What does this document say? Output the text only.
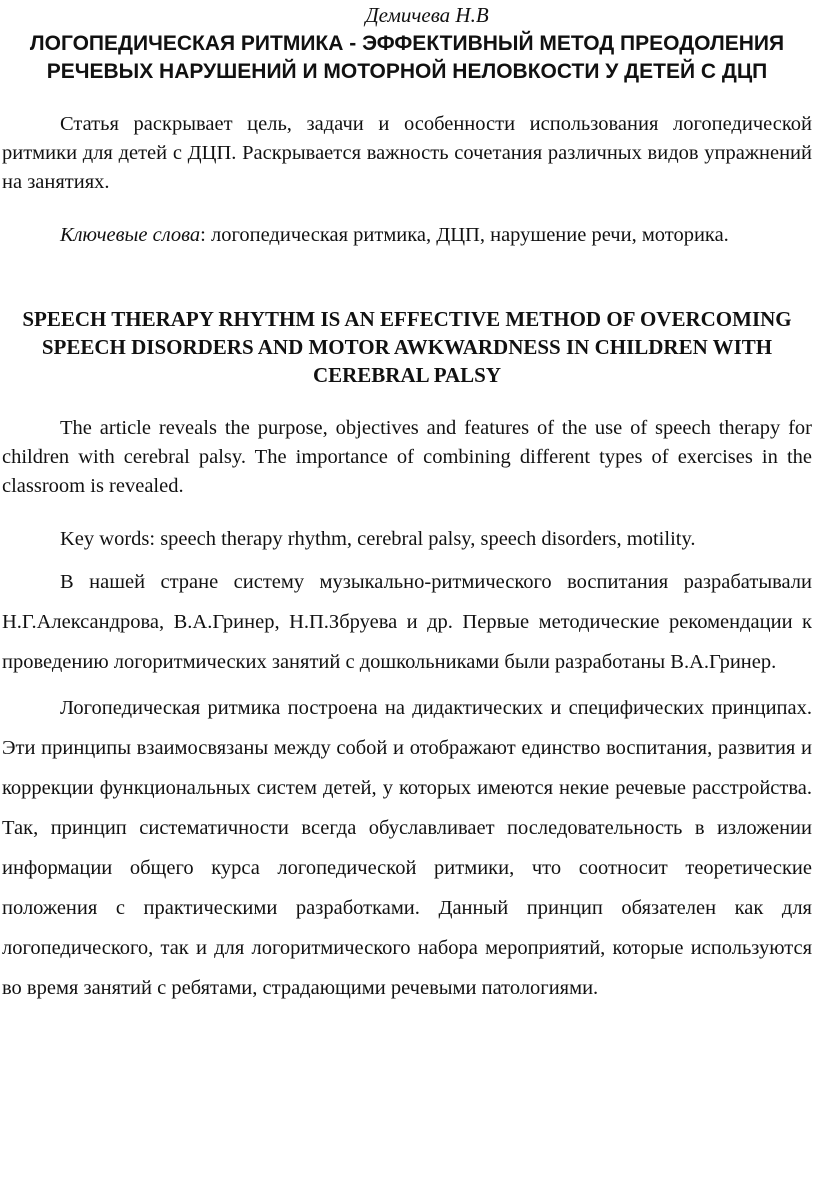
Демичева Н.В

ЛОГОПЕДИЧЕСКАЯ РИТМИКА - ЭФФЕКТИВНЫЙ МЕТОД ПРЕОДОЛЕНИЯ РЕЧЕВЫХ НАРУШЕНИЙ И МОТОРНОЙ НЕЛОВКОСТИ У ДЕТЕЙ С ДЦП

Статья раскрывает цель, задачи и особенности использования логопедической ритмики для детей с ДЦП. Раскрывается важность сочетания различных видов упражнений на занятиях.

Ключевые слова: логопедическая ритмика, ДЦП, нарушение речи, моторика.

SPEECH THERAPY RHYTHM IS AN EFFECTIVE METHOD OF OVERCOMING SPEECH DISORDERS AND MOTOR AWKWARDNESS IN CHILDREN WITH CEREBRAL PALSY

The article reveals the purpose, objectives and features of the use of speech therapy for children with cerebral palsy. The importance of combining different types of exercises in the classroom is revealed.

Key words: speech therapy rhythm, cerebral palsy, speech disorders, motility.

В нашей стране систему музыкально-ритмического воспитания разрабатывали Н.Г.Александрова, В.А.Гринер, Н.П.Збруева и др. Первые методические рекомендации к проведению логоритмических занятий с дошкольниками были разработаны В.А.Гринер.

Логопедическая ритмика построена на дидактических и специфических принципах. Эти принципы взаимосвязаны между собой и отображают единство воспитания, развития и коррекции функциональных систем детей, у которых имеются некие речевые расстройства. Так, принцип систематичности всегда обуславливает последовательность в изложении информации общего курса логопедической ритмики, что соотносит теоретические положения с практическими разработками. Данный принцип обязателен как для логопедического, так и для логоритмического набора мероприятий, которые используются во время занятий с ребятами, страдающими речевыми патологиями.
